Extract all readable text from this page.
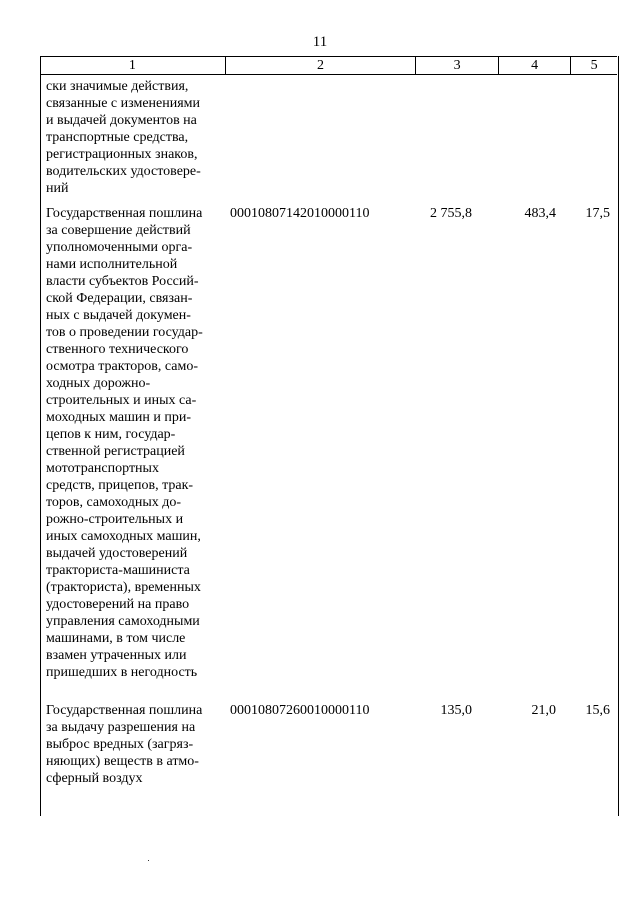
11
1	2	3	4	5
ски значимые действия,
связанные с изменениями
и выдачей документов на
транспортные средства,
регистрационных знаков,
водительских удостовере-
ний
Государственная пошлина
за совершение действий
уполномоченными орга-
нами исполнительной
власти субъектов Россий-
ской Федерации, связан-
ных с выдачей докумен-
тов о проведении государ-
ственного технического
осмотра тракторов, само-
ходных дорожно-
строительных и иных са-
моходных машин и при-
цепов к ним, государ-
ственной регистрацией
мототранспортных
средств, прицепов, трак-
торов, самоходных до-
рожно-строительных и
иных самоходных машин,
выдачей удостоверений
тракториста-машиниста
(тракториста), временных
удостоверений на право
управления самоходными
машинами, в том числе
взамен утраченных или
пришедших в негодность
00010807142010000110	2 755,8	483,4	17,5
Государственная пошлина
за выдачу разрешения на
выброс вредных (загряз-
няющих) веществ в атмо-
сферный воздух
00010807260010000110	135,0	21,0	15,6
